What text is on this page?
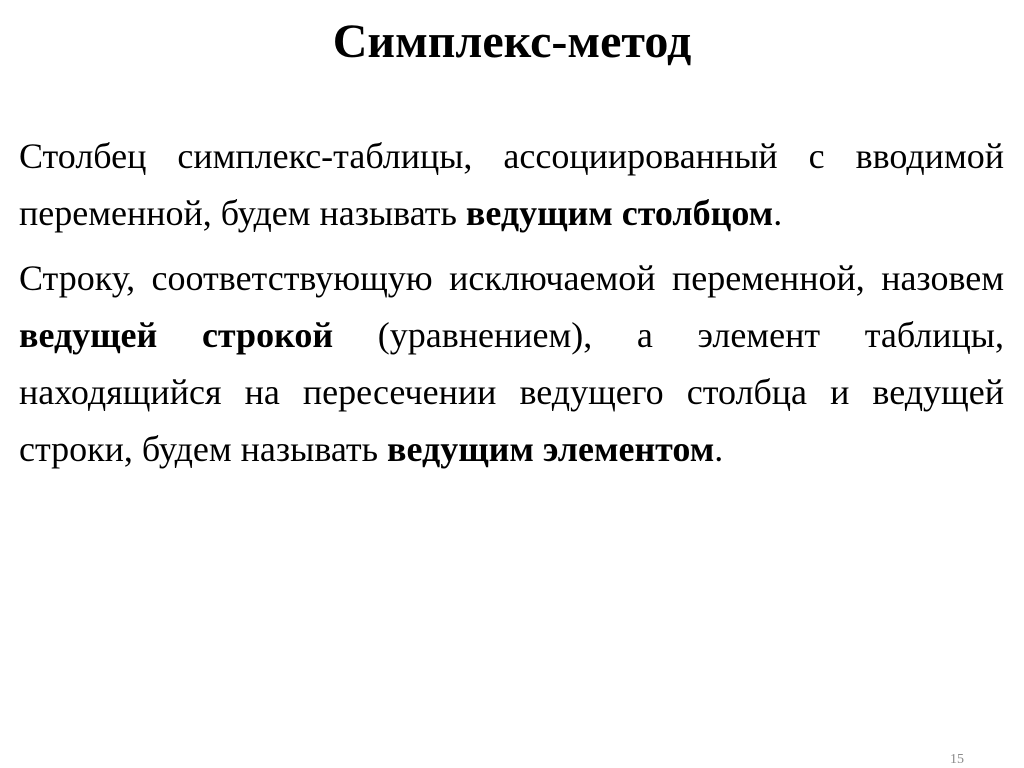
Симплекс-метод

Столбец симплекс-таблицы, ассоциированный с вводимой переменной, будем называть ведущим столбцом.

Строку, соответствующую исключаемой переменной, назовем ведущей строкой (уравнением), а элемент таблицы, находящийся на пересечении ведущего столбца и ведущей строки, будем называть ведущим элементом.

15
